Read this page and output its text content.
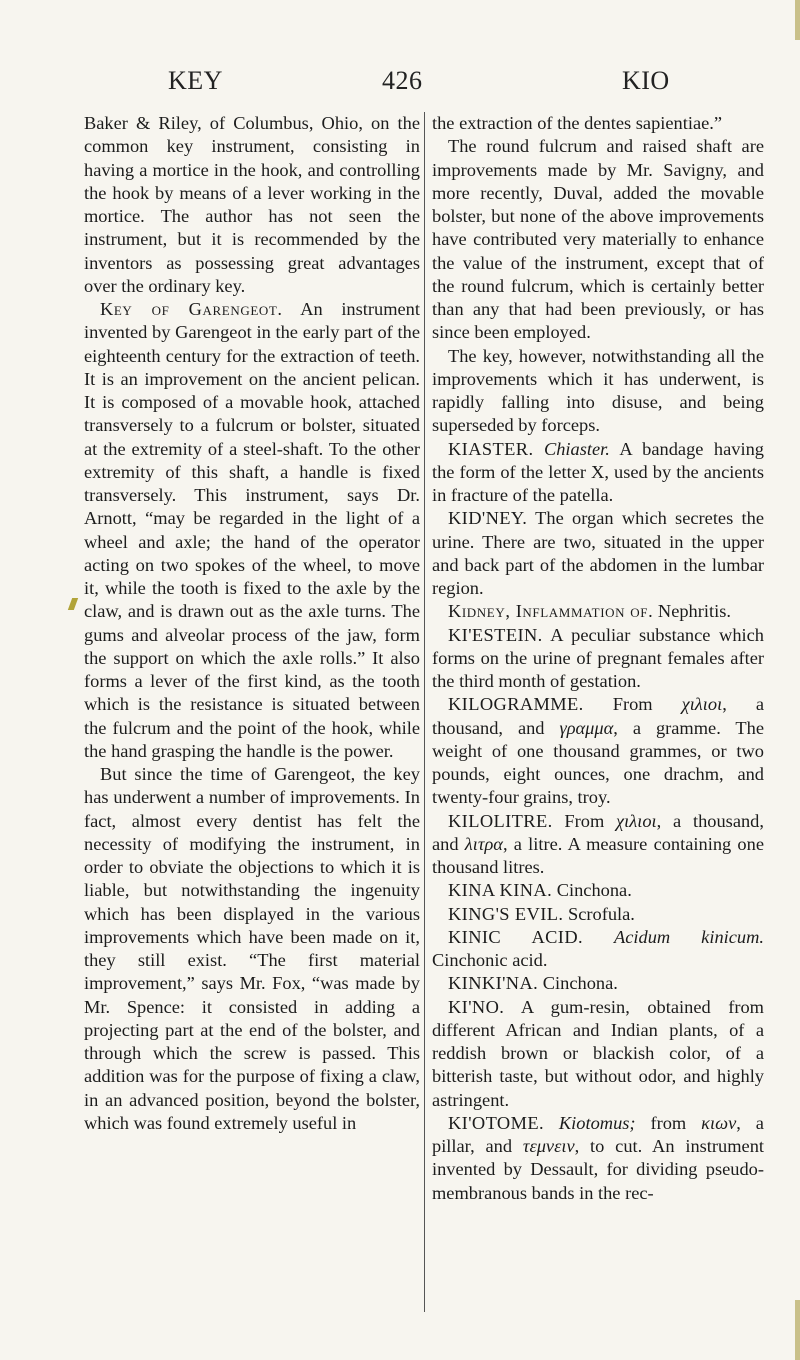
KEY	426	KIO

Baker & Riley, of Columbus, Ohio, on the common key instrument, consisting in having a mortice in the hook, and controlling the hook by means of a lever working in the mortice. The author has not seen the instrument, but it is recommended by the inventors as possessing great advantages over the ordinary key.

Key of Garengeot. An instrument invented by Garengeot in the early part of the eighteenth century for the extraction of teeth. It is an improvement on the ancient pelican. It is composed of a movable hook, attached transversely to a fulcrum or bolster, situated at the extremity of a steel-shaft. To the other extremity of this shaft, a handle is fixed transversely. This instrument, says Dr. Arnott, “may be regarded in the light of a wheel and axle; the hand of the operator acting on two spokes of the wheel, to move it, while the tooth is fixed to the axle by the claw, and is drawn out as the axle turns. The gums and alveolar process of the jaw, form the support on which the axle rolls.” It also forms a lever of the first kind, as the tooth which is the resistance is situated between the fulcrum and the point of the hook, while the hand grasping the handle is the power.

But since the time of Garengeot, the key has underwent a number of improvements. In fact, almost every dentist has felt the necessity of modifying the instrument, in order to obviate the objections to which it is liable, but notwithstanding the ingenuity which has been displayed in the various improvements which have been made on it, they still exist. “The first material improvement,” says Mr. Fox, “was made by Mr. Spence: it consisted in adding a projecting part at the end of the bolster, and through which the screw is passed. This addition was for the purpose of fixing a claw, in an advanced position, beyond the bolster, which was found extremely useful in

the extraction of the dentes sapientiae.”

The round fulcrum and raised shaft are improvements made by Mr. Savigny, and more recently, Duval, added the movable bolster, but none of the above improvements have contributed very materially to enhance the value of the instrument, except that of the round fulcrum, which is certainly better than any that had been previously, or has since been employed.

The key, however, notwithstanding all the improvements which it has underwent, is rapidly falling into disuse, and being superseded by forceps.

KIASTER. Chiaster. A bandage having the form of the letter X, used by the ancients in fracture of the patella.

KID'NEY. The organ which secretes the urine. There are two, situated in the upper and back part of the abdomen in the lumbar region.

Kidney, Inflammation of. Nephritis.

KI'ESTEIN. A peculiar substance which forms on the urine of pregnant females after the third month of gestation.

KILOGRAMME. From χιλιοι, a thousand, and γραμμα, a gramme. The weight of one thousand grammes, or two pounds, eight ounces, one drachm, and twenty-four grains, troy.

KILOLITRE. From χιλιοι, a thousand, and λιτρα, a litre. A measure containing one thousand litres.

KINA KINA. Cinchona.

KING'S EVIL. Scrofula.

KINIC ACID. Acidum kinicum. Cinchonic acid.

KINKI'NA. Cinchona.

KI'NO. A gum-resin, obtained from different African and Indian plants, of a reddish brown or blackish color, of a bitterish taste, but without odor, and highly astringent.

KI'OTOME. Kiotomus; from κιων, a pillar, and τεμνειν, to cut. An instrument invented by Dessault, for dividing pseudo-membranous bands in the rec-
